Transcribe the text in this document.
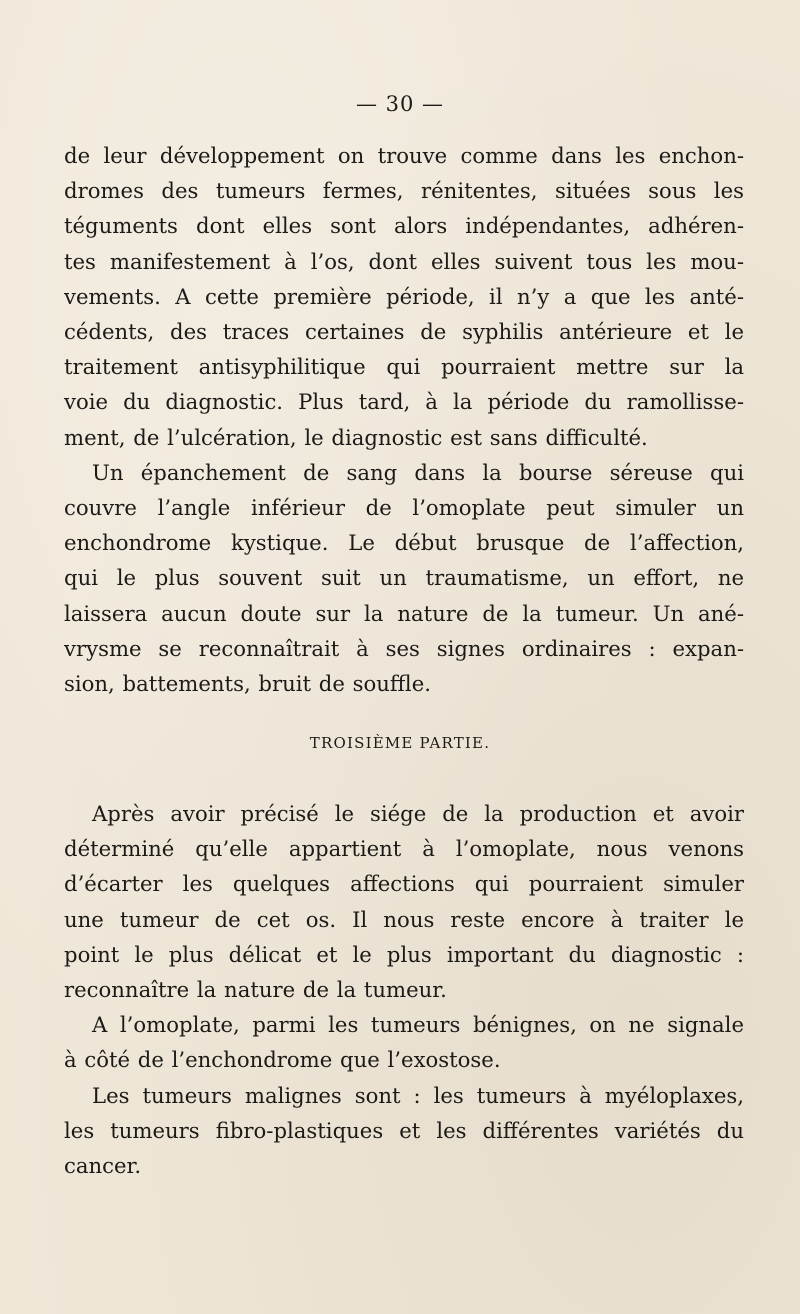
— 30 —
de leur développement on trouve comme dans les enchon-
dromes des tumeurs fermes, rénitentes, situées sous les
téguments dont elles sont alors indépendantes, adhéren-
tes manifestement à l’os, dont elles suivent tous les mou-
vements. A cette première période, il n’y a que les anté-
cédents, des traces certaines de syphilis antérieure et le
traitement antisyphilitique qui pourraient mettre sur la
voie du diagnostic. Plus tard, à la période du ramollisse-
ment, de l’ulcération, le diagnostic est sans difficulté.
Un épanchement de sang dans la bourse séreuse qui
couvre l’angle inférieur de l’omoplate peut simuler un
enchondrome kystique. Le début brusque de l’affection,
qui le plus souvent suit un traumatisme, un effort, ne
laissera aucun doute sur la nature de la tumeur. Un ané-
vrysme se reconnaîtrait à ses signes ordinaires : expan-
sion, battements, bruit de souffle.
TROISIÈME PARTIE.
Après avoir précisé le siége de la production et avoir
déterminé qu’elle appartient à l’omoplate, nous venons
d’écarter les quelques affections qui pourraient simuler
une tumeur de cet os. Il nous reste encore à traiter le
point le plus délicat et le plus important du diagnostic :
reconnaître la nature de la tumeur.
A l’omoplate, parmi les tumeurs bénignes, on ne signale
à côté de l’enchondrome que l’exostose.
Les tumeurs malignes sont : les tumeurs à myéloplaxes,
les tumeurs fibro-plastiques et les différentes variétés du
cancer.
